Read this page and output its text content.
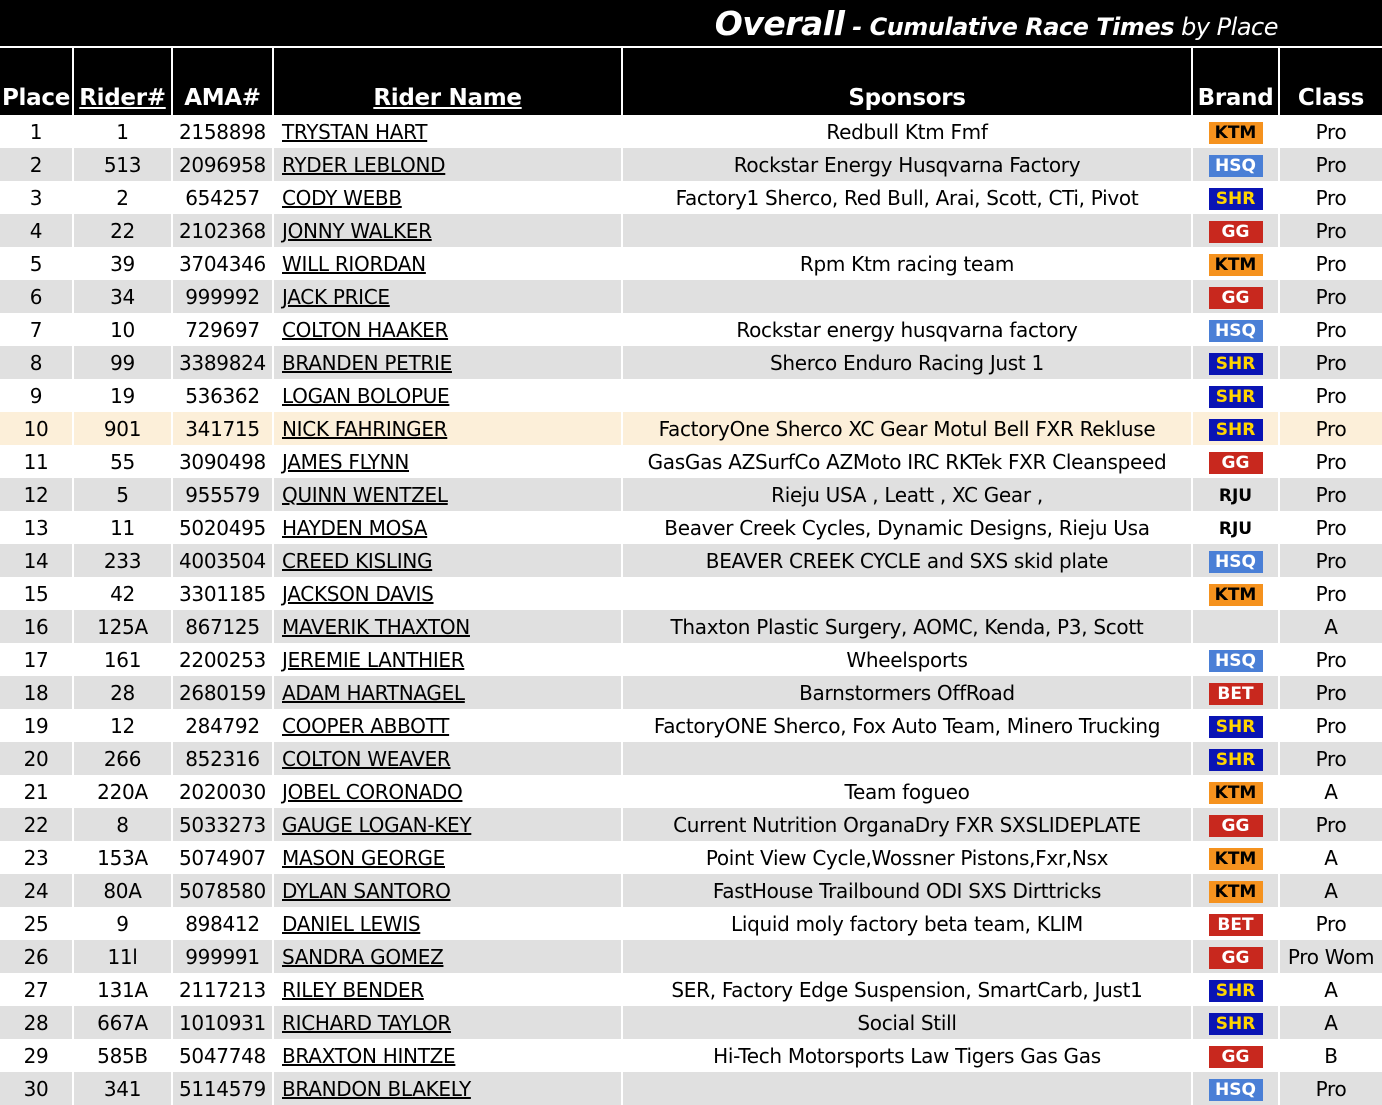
Overall - Cumulative Race Times by Place
Place	Rider#	AMA#	Rider Name	Sponsors	Brand	Class
1	1	2158898	TRYSTAN HART	Redbull Ktm Fmf	KTM	Pro
2	513	2096958	RYDER LEBLOND	Rockstar Energy Husqvarna Factory	HSQ	Pro
3	2	654257	CODY WEBB	Factory1 Sherco, Red Bull, Arai, Scott, CTi, Pivot	SHR	Pro
4	22	2102368	JONNY WALKER		GG	Pro
5	39	3704346	WILL RIORDAN	Rpm Ktm racing team	KTM	Pro
6	34	999992	JACK PRICE		GG	Pro
7	10	729697	COLTON HAAKER	Rockstar energy husqvarna factory	HSQ	Pro
8	99	3389824	BRANDEN PETRIE	Sherco Enduro Racing Just 1	SHR	Pro
9	19	536362	LOGAN BOLOPUE		SHR	Pro
10	901	341715	NICK FAHRINGER	FactoryOne Sherco XC Gear Motul Bell FXR Rekluse	SHR	Pro
11	55	3090498	JAMES FLYNN	GasGas AZSurfCo AZMoto IRC RKTek FXR Cleanspeed	GG	Pro
12	5	955579	QUINN WENTZEL	Rieju USA , Leatt , XC Gear ,	RJU	Pro
13	11	5020495	HAYDEN MOSA	Beaver Creek Cycles, Dynamic Designs, Rieju Usa	RJU	Pro
14	233	4003504	CREED KISLING	BEAVER CREEK CYCLE and SXS skid plate	HSQ	Pro
15	42	3301185	JACKSON DAVIS		KTM	Pro
16	125A	867125	MAVERIK THAXTON	Thaxton Plastic Surgery, AOMC, Kenda, P3, Scott		A
17	161	2200253	JEREMIE LANTHIER	Wheelsports	HSQ	Pro
18	28	2680159	ADAM HARTNAGEL	Barnstormers OffRoad	BET	Pro
19	12	284792	COOPER ABBOTT	FactoryONE Sherco, Fox Auto Team, Minero Trucking	SHR	Pro
20	266	852316	COLTON WEAVER		SHR	Pro
21	220A	2020030	JOBEL CORONADO	Team fogueo	KTM	A
22	8	5033273	GAUGE LOGAN-KEY	Current Nutrition OrganaDry FXR SXSLIDEPLATE	GG	Pro
23	153A	5074907	MASON GEORGE	Point View Cycle,Wossner Pistons,Fxr,Nsx	KTM	A
24	80A	5078580	DYLAN SANTORO	FastHouse Trailbound ODI SXS Dirttricks	KTM	A
25	9	898412	DANIEL LEWIS	Liquid moly factory beta team, KLIM	BET	Pro
26	11l	999991	SANDRA GOMEZ		GG	Pro Wom
27	131A	2117213	RILEY BENDER	SER, Factory Edge Suspension, SmartCarb, Just1	SHR	A
28	667A	1010931	RICHARD TAYLOR	Social Still	SHR	A
29	585B	5047748	BRAXTON HINTZE	Hi-Tech Motorsports Law Tigers Gas Gas	GG	B
30	341	5114579	BRANDON BLAKELY		HSQ	Pro
